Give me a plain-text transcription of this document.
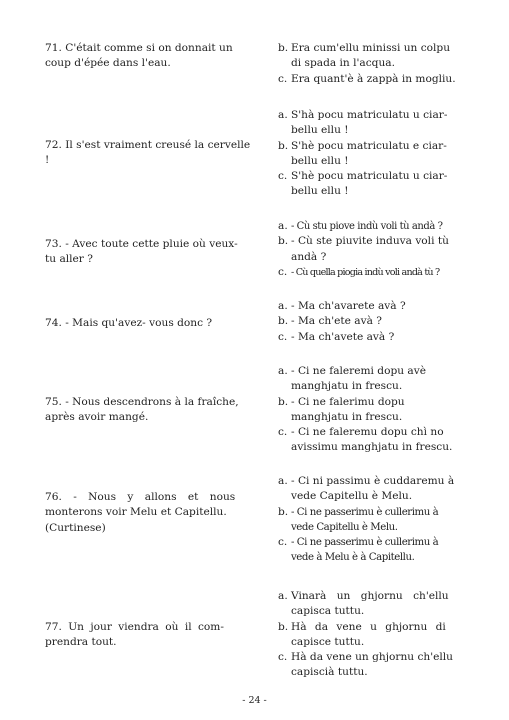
71. C'était comme si on donnait un
coup d'épée dans l'eau.
b. Era cum'ellu minissi un colpu
di spada in l'acqua.
c. Era quant'è à zappà in mogliu.
72. Il s'est vraiment creusé la cervelle !
a. S'hà pocu matriculatu u ciar-
bellu ellu !
b. S'hè pocu matriculatu e ciar-
bellu ellu !
c. S'hè pocu matriculatu u ciar-
bellu ellu !
73. - Avec toute cette pluie où veux-
tu aller ?
a. - Cù stu piove indù voli tù andà ?
b. - Cù ste piuvite induva voli tù
andà ?
c. - Cù quella piogia indù voli andà tù ?
74. - Mais qu'avez- vous donc ?
a. - Ma ch'avarete avà ?
b. - Ma ch'ete avà ?
c. - Ma ch'avete avà ?
75. - Nous descendrons à la fraîche,
après avoir mangé.
a. - Ci ne faleremi dopu avè
manghjatu in frescu.
b. - Ci ne falerimu dopu
manghjatu in frescu.
c. - Ci ne faleremu dopu chì no
avissimu manghjatu in frescu.
76. - Nous y allons et nous
monterons voir Melu et Capitellu.
(Curtinese)
a. - Ci ni passimu è cuddaremu à
vede Capitellu è Melu.
b. - Ci ne passerimu è cullerimu à
vede Capitellu è Melu.
c. - Ci ne passerimu è cullerimu à
vede à Melu è à Capitellu.
77. Un jour viendra où il com-
prendra tout.
a. Vinarà un ghjornu ch'ellu
capisca tuttu.
b. Hà da vene u ghjornu di
capisce tuttu.
c. Hà da vene un ghjornu ch'ellu
capiscià tuttu.
- 24 -
